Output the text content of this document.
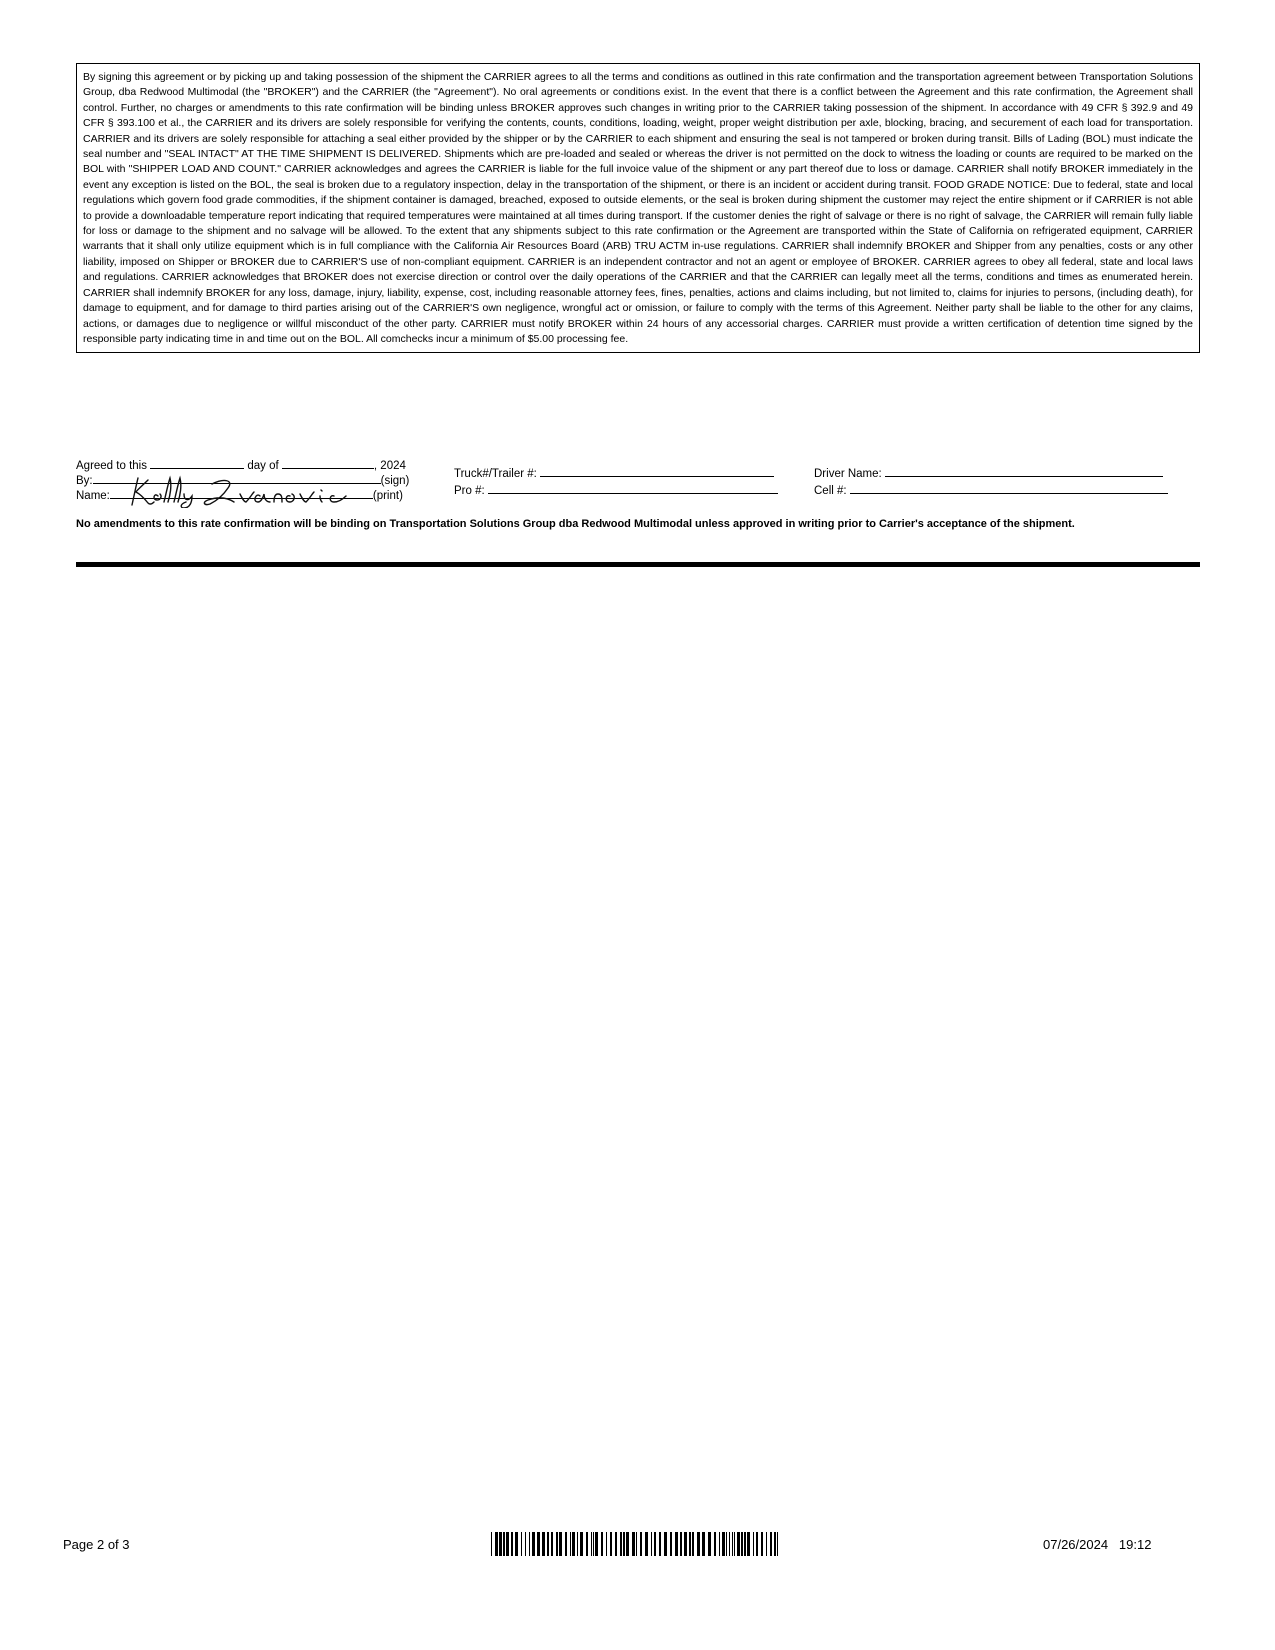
By signing this agreement or by picking up and taking possession of the shipment the CARRIER agrees to all the terms and conditions as outlined in this rate confirmation and the transportation agreement between Transportation Solutions Group, dba Redwood Multimodal (the "BROKER") and the CARRIER (the "Agreement"). No oral agreements or conditions exist. In the event that there is a conflict between the Agreement and this rate confirmation, the Agreement shall control. Further, no charges or amendments to this rate confirmation will be binding unless BROKER approves such changes in writing prior to the CARRIER taking possession of the shipment. In accordance with 49 CFR § 392.9 and 49 CFR § 393.100 et al., the CARRIER and its drivers are solely responsible for verifying the contents, counts, conditions, loading, weight, proper weight distribution per axle, blocking, bracing, and securement of each load for transportation. CARRIER and its drivers are solely responsible for attaching a seal either provided by the shipper or by the CARRIER to each shipment and ensuring the seal is not tampered or broken during transit. Bills of Lading (BOL) must indicate the seal number and "SEAL INTACT" AT THE TIME SHIPMENT IS DELIVERED. Shipments which are pre-loaded and sealed or whereas the driver is not permitted on the dock to witness the loading or counts are required to be marked on the BOL with "SHIPPER LOAD AND COUNT." CARRIER acknowledges and agrees the CARRIER is liable for the full invoice value of the shipment or any part thereof due to loss or damage. CARRIER shall notify BROKER immediately in the event any exception is listed on the BOL, the seal is broken due to a regulatory inspection, delay in the transportation of the shipment, or there is an incident or accident during transit. FOOD GRADE NOTICE: Due to federal, state and local regulations which govern food grade commodities, if the shipment container is damaged, breached, exposed to outside elements, or the seal is broken during shipment the customer may reject the entire shipment or if CARRIER is not able to provide a downloadable temperature report indicating that required temperatures were maintained at all times during transport. If the customer denies the right of salvage or there is no right of salvage, the CARRIER will remain fully liable for loss or damage to the shipment and no salvage will be allowed. To the extent that any shipments subject to this rate confirmation or the Agreement are transported within the State of California on refrigerated equipment, CARRIER warrants that it shall only utilize equipment which is in full compliance with the California Air Resources Board (ARB) TRU ACTM in-use regulations. CARRIER shall indemnify BROKER and Shipper from any penalties, costs or any other liability, imposed on Shipper or BROKER due to CARRIER'S use of non-compliant equipment. CARRIER is an independent contractor and not an agent or employee of BROKER. CARRIER agrees to obey all federal, state and local laws and regulations. CARRIER acknowledges that BROKER does not exercise direction or control over the daily operations of the CARRIER and that the CARRIER can legally meet all the terms, conditions and times as enumerated herein. CARRIER shall indemnify BROKER for any loss, damage, injury, liability, expense, cost, including reasonable attorney fees, fines, penalties, actions and claims including, but not limited to, claims for injuries to persons, (including death), for damage to equipment, and for damage to third parties arising out of the CARRIER'S own negligence, wrongful act or omission, or failure to comply with the terms of this Agreement. Neither party shall be liable to the other for any claims, actions, or damages due to negligence or willful misconduct of the other party. CARRIER must notify BROKER within 24 hours of any accessorial charges. CARRIER must provide a written certification of detention time signed by the responsible party indicating time in and time out on the BOL. All comchecks incur a minimum of $5.00 processing fee.
Agreed to this	day of	, 2024
By:	(sign)
Name:	(print)
Truck#/Trailer #:
Pro #:
Driver Name:
Cell #:
No amendments to this rate confirmation will be binding on Transportation Solutions Group dba Redwood Multimodal unless approved in writing prior to Carrier's acceptance of the shipment.
Page 2 of 3	07/26/2024 19:12
